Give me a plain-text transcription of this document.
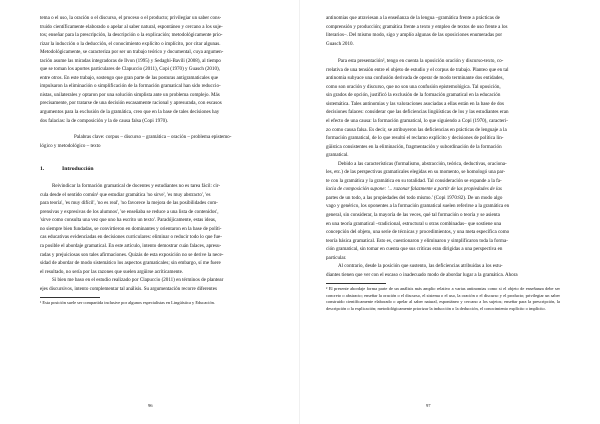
tema o el uso, la oración o el discurso, el proceso o el producto; privilegiar un saber cons-

truido científicamente elaborado o apelar al saber natural, espontáneo y cercano a los suje-

tos; enseñar para la prescripción, la descripción o la explicación; metodológicamente prio-

rizar la inducción o la deducción, el conocimiento explícito o implícito, por citar algunas.

Metodológicamente, se caracteriza por ser un trabajo teórico y documental, cuya argumen-

tación asume las miradas integradoras de Ilvon (1995) y Sedaghi-Bavili (2008), al tiempo

que se toman los aportes particulares de Clapuccio (2011), Copi (1970) y Guasch (2010),

entre otros. En este trabajo, sostengo que gran parte de las posturas antigramaticales que

impulsaron la eliminación o simplificación de la formación gramatical han sido reduccio-

nistas, unilaterales y optaron por una solución simplista ante un problema complejo. Más

precisamente, por tratarse de una decisión escasamente racional y apresurada, con escasos

argumentos para la exclusión de la gramática, creo que en la base de tales decisiones hay

dos falacias: la de composición y la de causa falsa (Copi 1970).

Palabras clave: corpus – discurso – gramática – oración – problema epistemo-

lógico y metodológico – texto

1.	Introducción

Reivindicar la formación gramatical de docentes y estudiantes no es tarea fácil: cir-

cula desde el sentido común¹ que estudiar gramática 'no sirve', 'es muy abstracto', 'es

para teoría', 'es muy difícil', 'no es real', 'no favorece la mejora de las posibilidades com-

prensivas y expresivas de los alumnos', 'se enseñaba se reduce a una lista de contenidos',

'sirve como consulta una vez que uno ha escrito un texto'. Paradójicamente, estas ideas,

no siempre bien fundadas, se convirtieron en dominantes y orientaron en la base de políti-

cas educativas evidenciadas en decisiones curriculares: eliminar o reducir todo lo que fue-

ra posible el abordaje gramatical. En este artículo, intento demostrar cuán falaces, apresu-

radas y prejuiciosas son tales afirmaciones. Quizás de esta exposición no se derive la nece-

sidad de abordar de modo sistemático los aspectos gramaticales; sin embargo, sí me fuere

el resultado, no sería por las razones que suelen argüirse acríticamente.

Si bien me baso en el estudio realizado por Clapuccio (2011) en términos de plantear

ejes discursivos, intento complementar tal análisis. Su argumentación recorre diferentes

¹ Esta posición suele ser compartida inclusive por algunos especialistas en Lingüística y Educación.

96

antinomias que atraviesan a la enseñanza de la lengua –gramática frente a prácticas de

comprensión y producción; gramática frente a texto y empleo de textos de uso frente a los

literarios–. Del mismo modo, sigo y amplío algunas de las oposiciones enumeradas por

Guasch 2010.

Para esta presentación², tengo en cuenta la oposición oración y discurso-texto, co-

rrelativa de una tensión entre el objeto de estudio y el corpus de trabajo. Planteo que en tal

antinomia subyace una confusión derivada de operar de modo terminante dos entidades,

como son oración y discurso, que no son una confusión epistemológica. Tal oposición,

sin grados de opción, justificó la exclusión de la formación gramatical en la educación

sistemática. Tales antinomias y las valoraciones asociadas a ellas están en la base de dos

decisiones falaces: considerar que las deficiencias lingüísticas de los y las estudiantes eran

el efecto de una causa: la formación gramatical, lo que siguiendo a Copi (1970), caracteri-

zo como causa falsa. Es decir, se atribuyeron las deficiencias en prácticas de lenguaje a la

formación gramatical, de lo que resultó el reclamo explícito y decisiones de política lin-

güística consistentes en la eliminación, fragmentación y subordinación de la formación

gramatical.

Debido a las características (formalismo, abstracción, teórica, deductivas, oraciona-

les, etc.) de las perspectivas gramaticales elegidas en su momento, se homologó una par-

te con la gramática y la gramática en su totalidad. Tal consideración se expande a la fa-

lacia de composición supone: '... razonar falazmente a partir de las propiedades de las

partes de un todo, a las propiedades del todo mismo.' (Copi 1970:82). De un modo algo

vago y genérico, los oponentes a la formación gramatical suelen referirse a la gramática en

general, sin considerar, la mayoría de las veces, qué tal formación o teoría y se asienta

en una teoría gramatical –tradicional, estructural u otras combinadas– que sostiene una

concepción del objeto, una serie de técnicas y procedimientos, y una meta específica como

teoría básica gramatical. Esto es, cuestionaron y eliminaron y simplificaron toda la forma-

ción gramatical, sin tomar en cuenta que sus críticas eran dirigidas a una perspectiva en

particular.

Al contrario, desde la posición que sustento, las deficiencias atribuidas a los estu-

diantes tienen que ver con el escaso o inadecuado modo de abordar lugar a la gramática. Ahora

² El presente abordaje forma parte de un análisis más amplio relativo a varias antinomias como si el objeto de enseñanza debe ser concreto o abstracto; enseñar la oración o el discurso, el sistema o el uso, la oración o el discurso y el producto; privilegiar un saber construido científicamente elaborado o apelar al saber natural, espontáneo y cercano a los sujetos; enseñar para la prescripción, la descripción o la explicación; metodológicamente priorizar la inducción o la deducción, el conocimiento explícito o implícito.

97
